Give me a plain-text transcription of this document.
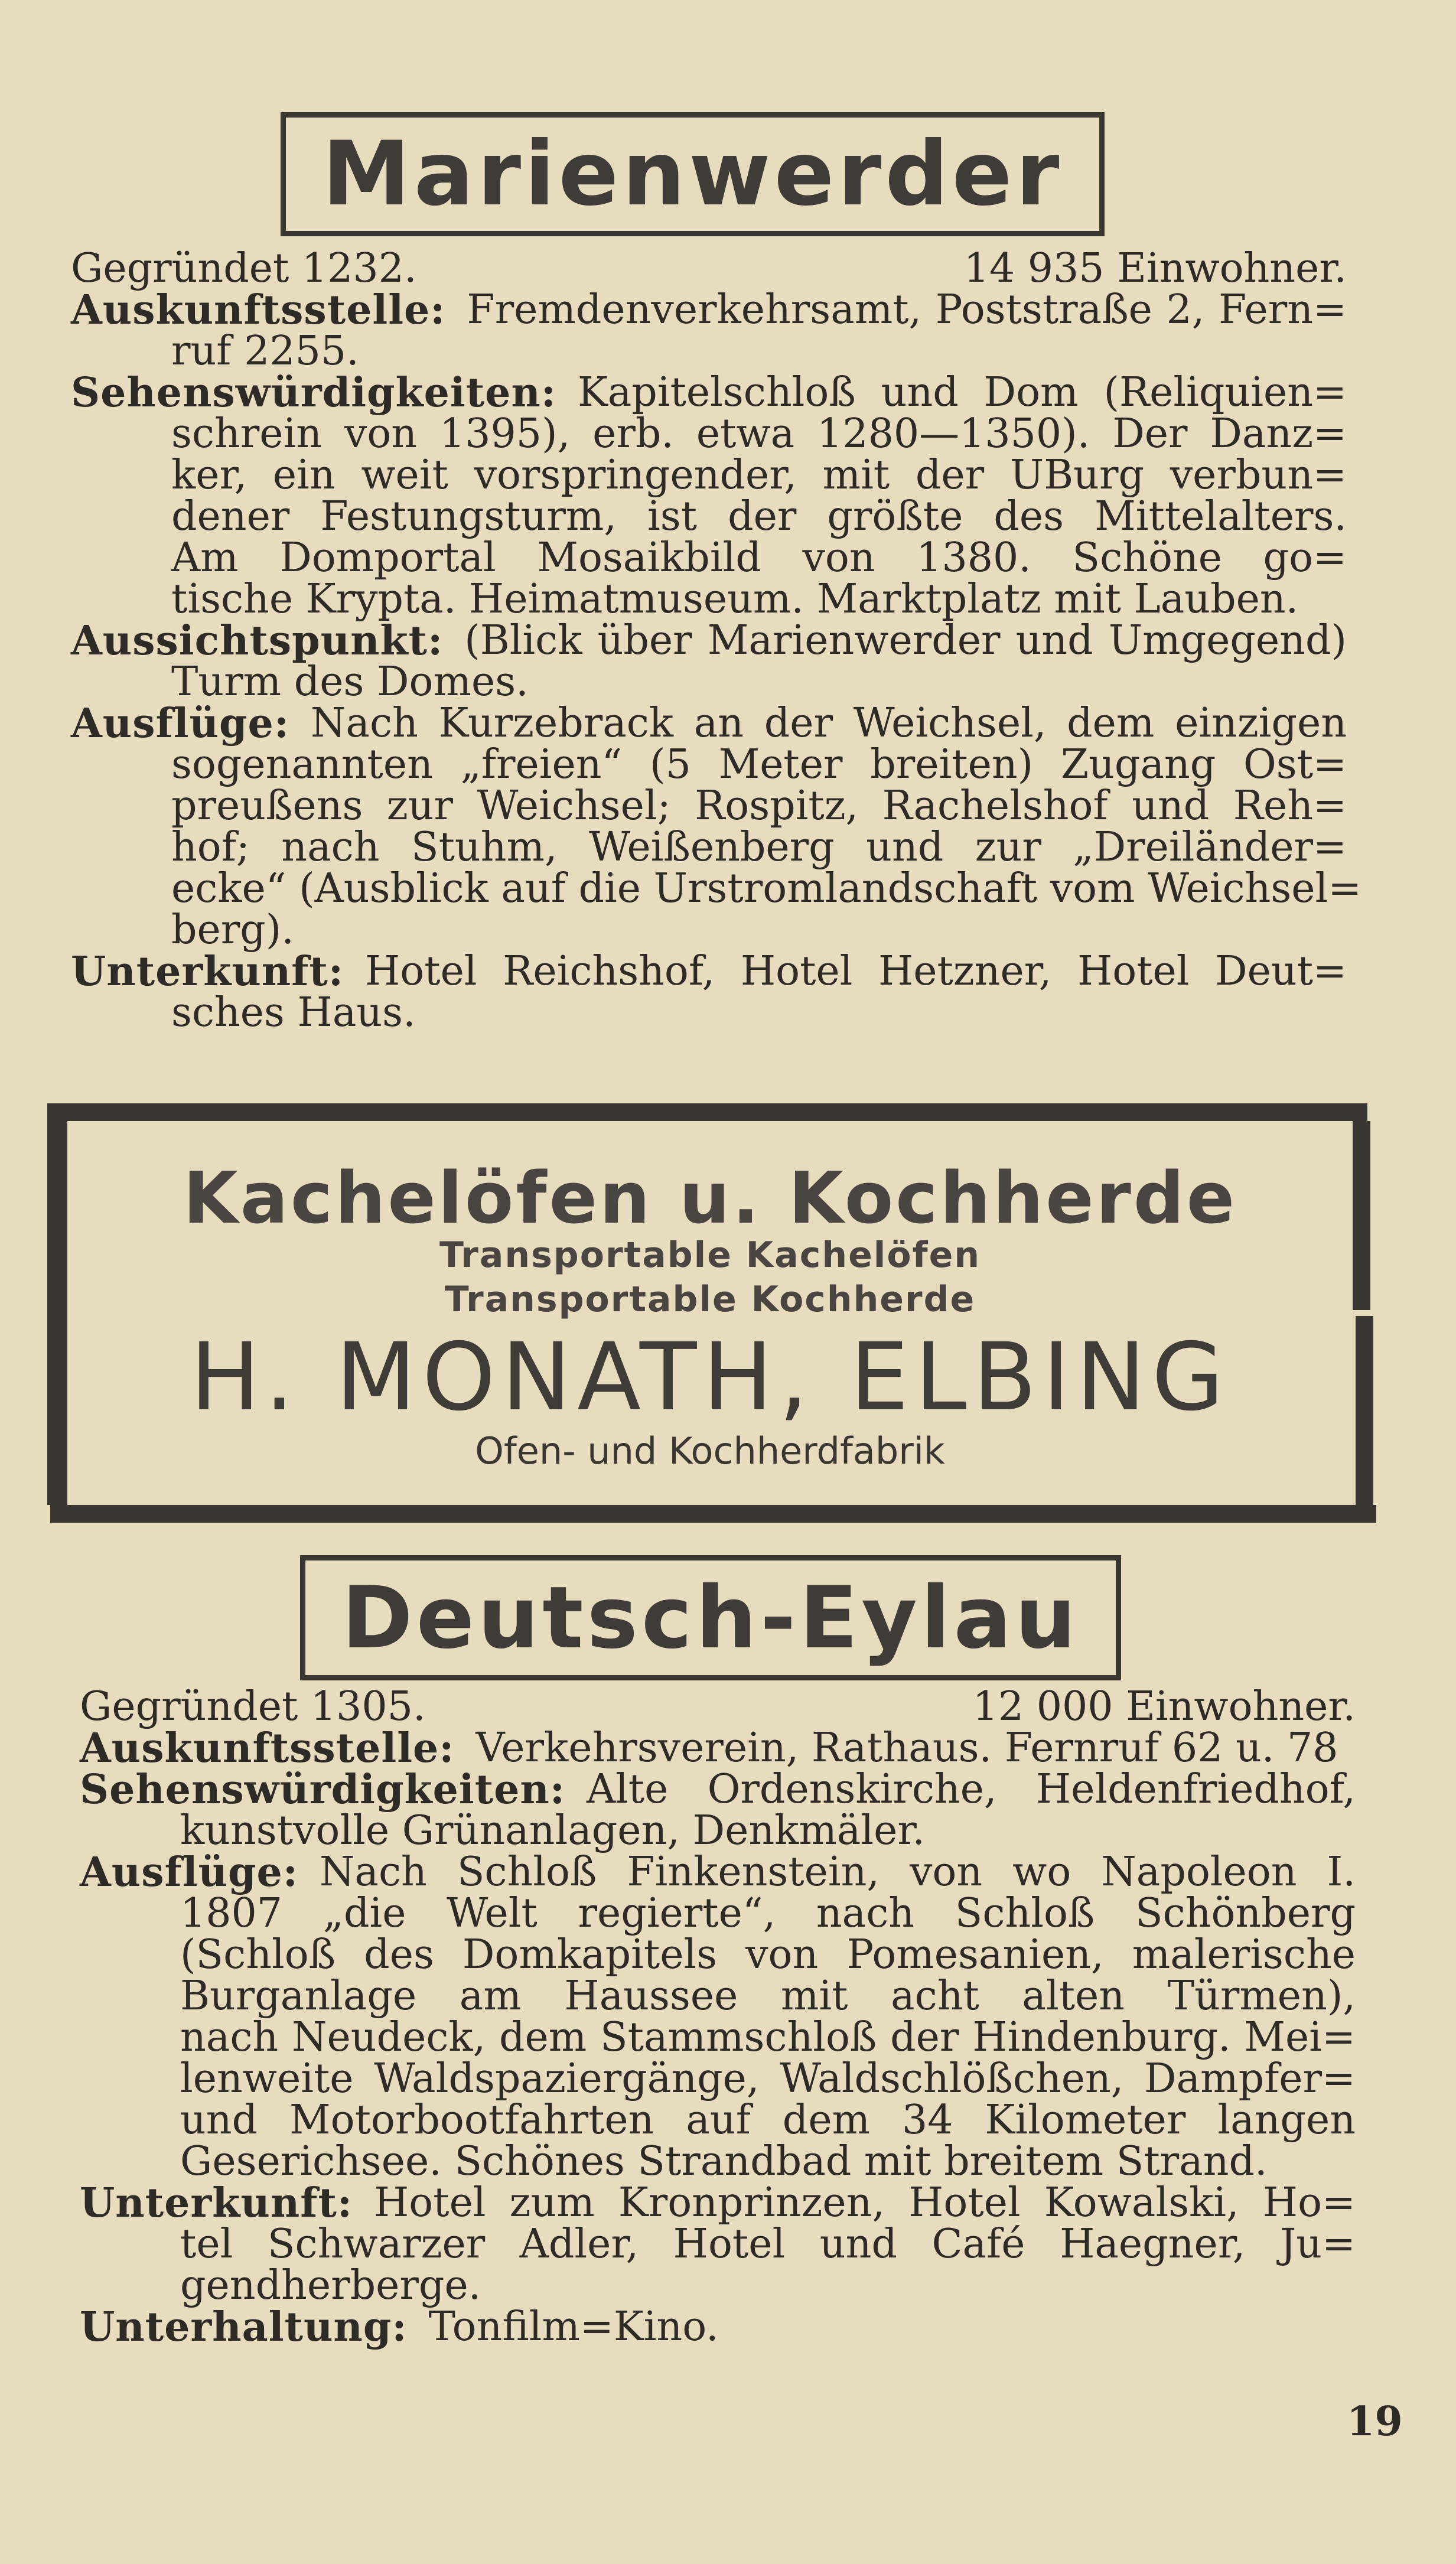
Marienwerder
Gegründet 1232.	14 935 Einwohner.
Auskunftsstelle: Fremdenverkehrsamt, Poststraße 2, Fern=
ruf 2255.
Sehenswürdigkeiten: Kapitelschloß und Dom (Reliquien=
schrein von 1395), erb. etwa 1280—1350). Der Danz=
ker, ein weit vorspringender, mit der UBurg verbun=
dener Festungsturm, ist der größte des Mittelalters.
Am Domportal Mosaikbild von 1380. Schöne go=
tische Krypta. Heimatmuseum. Marktplatz mit Lauben.
Aussichtspunkt: (Blick über Marienwerder und Umgegend)
Turm des Domes.
Ausflüge: Nach Kurzebrack an der Weichsel, dem einzigen
sogenannten „freien“ (5 Meter breiten) Zugang Ost=
preußens zur Weichsel; Rospitz, Rachelshof und Reh=
hof; nach Stuhm, Weißenberg und zur „Dreiländer=
ecke“ (Ausblick auf die Urstromlandschaft vom Weichsel=
berg).
Unterkunft: Hotel Reichshof, Hotel Hetzner, Hotel Deut=
sches Haus.
Kachelöfen u. Kochherde
Transportable Kachelöfen
Transportable Kochherde
H. MONATH, ELBING
Ofen- und Kochherdfabrik
Deutsch-Eylau
Gegründet 1305.	12 000 Einwohner.
Auskunftsstelle: Verkehrsverein, Rathaus. Fernruf 62 u. 78
Sehenswürdigkeiten: Alte Ordenskirche, Heldenfriedhof,
kunstvolle Grünanlagen, Denkmäler.
Ausflüge: Nach Schloß Finkenstein, von wo Napoleon I.
1807 „die Welt regierte“, nach Schloß Schönberg
(Schloß des Domkapitels von Pomesanien, malerische
Burganlage am Haussee mit acht alten Türmen),
nach Neudeck, dem Stammschloß der Hindenburg. Mei=
lenweite Waldspaziergänge, Waldschlößchen, Dampfer=
und Motorbootfahrten auf dem 34 Kilometer langen
Geserichsee. Schönes Strandbad mit breitem Strand.
Unterkunft: Hotel zum Kronprinzen, Hotel Kowalski, Ho=
tel Schwarzer Adler, Hotel und Café Haegner, Ju=
gendherberge.
Unterhaltung: Tonfilm=Kino.
19
